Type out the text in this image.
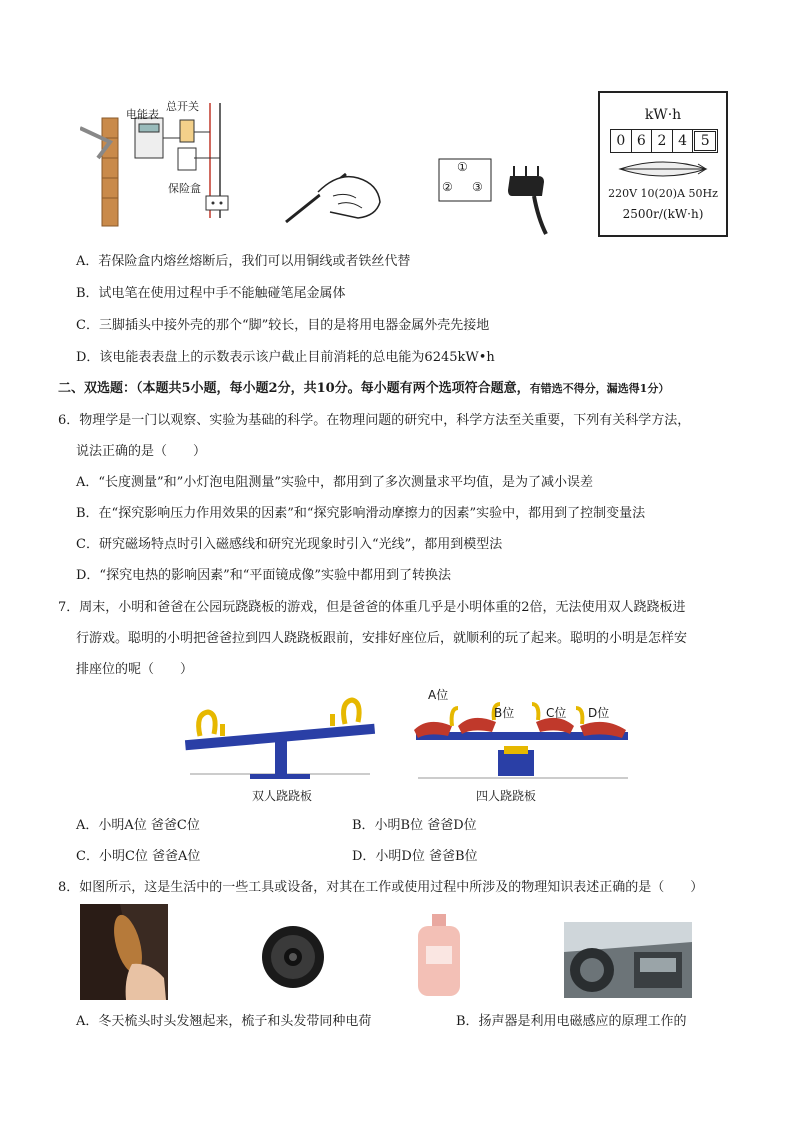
电能表
总开关
保险盒
①
② ③
kW·h
0 6 2 4 5
220V 10(20)A 50Hz
2500r/(kW·h)
A．若保险盒内熔丝熔断后，我们可以用铜线或者铁丝代替
B．试电笔在使用过程中手不能触碰笔尾金属体
C．三脚插头中接外壳的那个“脚”较长，目的是将用电器金属外壳先接地
D．该电能表表盘上的示数表示该户截止目前消耗的总电能为6245kW•h
二、双选题：（本题共5小题，每小题2分，共10分。每小题有两个选项符合题意，有错选不得分，漏选得1分）
6．物理学是一门以观察、实验为基础的科学。在物理问题的研究中，科学方法至关重要，下列有关科学方法，
说法正确的是（　　）
A．“长度测量”和”小灯泡电阻测量”实验中，都用到了多次测量求平均值，是为了减小误差
B．在“探究影响压力作用效果的因素”和“探究影响滑动摩擦力的因素”实验中，都用到了控制变量法
C．研究磁场特点时引入磁感线和研究光现象时引入“光线”，都用到模型法
D．“探究电热的影响因素”和“平面镜成像”实验中都用到了转换法
7．周末，小明和爸爸在公园玩跷跷板的游戏，但是爸爸的体重几乎是小明体重的2倍，无法使用双人跷跷板进
行游戏。聪明的小明把爸爸拉到四人跷跷板跟前，安排好座位后，就顺利的玩了起来。聪明的小明是怎样安
排座位的呢（　　）
A位
B位	C位 D位
双人跷跷板	四人跷跷板
A．小明A位 爸爸C位	B．小明B位 爸爸D位
C．小明C位 爸爸A位	D．小明D位 爸爸B位
8．如图所示，这是生活中的一些工具或设备，对其在工作或使用过程中所涉及的物理知识表述正确的是（　　）
A．冬天梳头时头发翘起来，梳子和头发带同种电荷	B．扬声器是利用电磁感应的原理工作的
